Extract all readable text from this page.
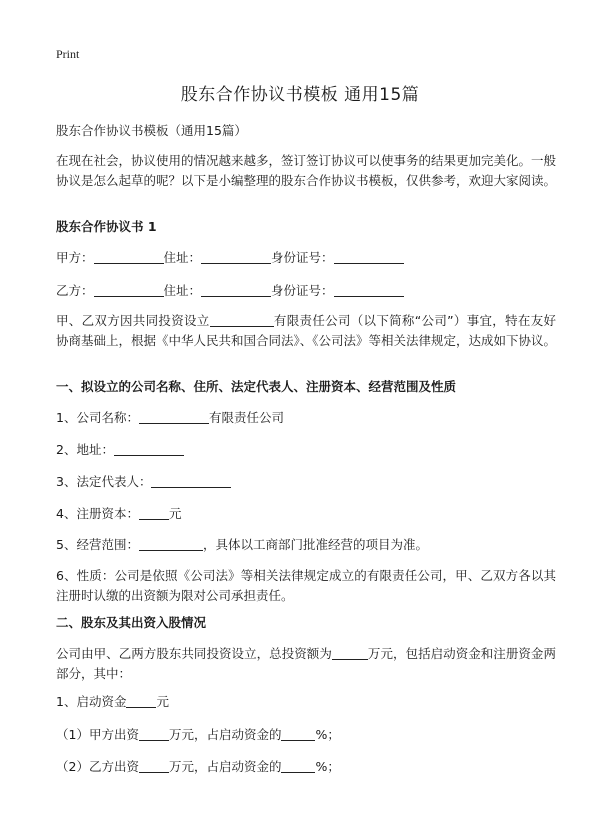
Print
股东合作协议书模板 通用15篇
股东合作协议书模板（通用15篇）
在现在社会，协议使用的情况越来越多，签订签订协议可以使事务的结果更加完美化。一般协议是怎么起草的呢？以下是小编整理的股东合作协议书模板，仅供参考，欢迎大家阅读。
股东合作协议书 1
甲方：	住址：	身份证号：
乙方：	住址：	身份证号：
甲、乙双方因共同投资设立	有限责任公司（以下简称“公司”）事宜，特在友好协商基础上，根据《中华人民共和国合同法》、《公司法》等相关法律规定，达成如下协议。
一、拟设立的公司名称、住所、法定代表人、注册资本、经营范围及性质
1、公司名称：	有限责任公司
2、地址：
3、法定代表人：
4、注册资本： 元
5、经营范围：	，具体以工商部门批准经营的项目为准。
6、性质：公司是依照《公司法》等相关法律规定成立的有限责任公司，甲、乙双方各以其注册时认缴的出资额为限对公司承担责任。
二、股东及其出资入股情况
公司由甲、乙两方股东共同投资设立，总投资额为	万元，包括启动资金和注册资金两部分，其中：
1、启动资金 元
（1）甲方出资 万元，占启动资金的	%；
（2）乙方出资 万元，占启动资金的	%；
